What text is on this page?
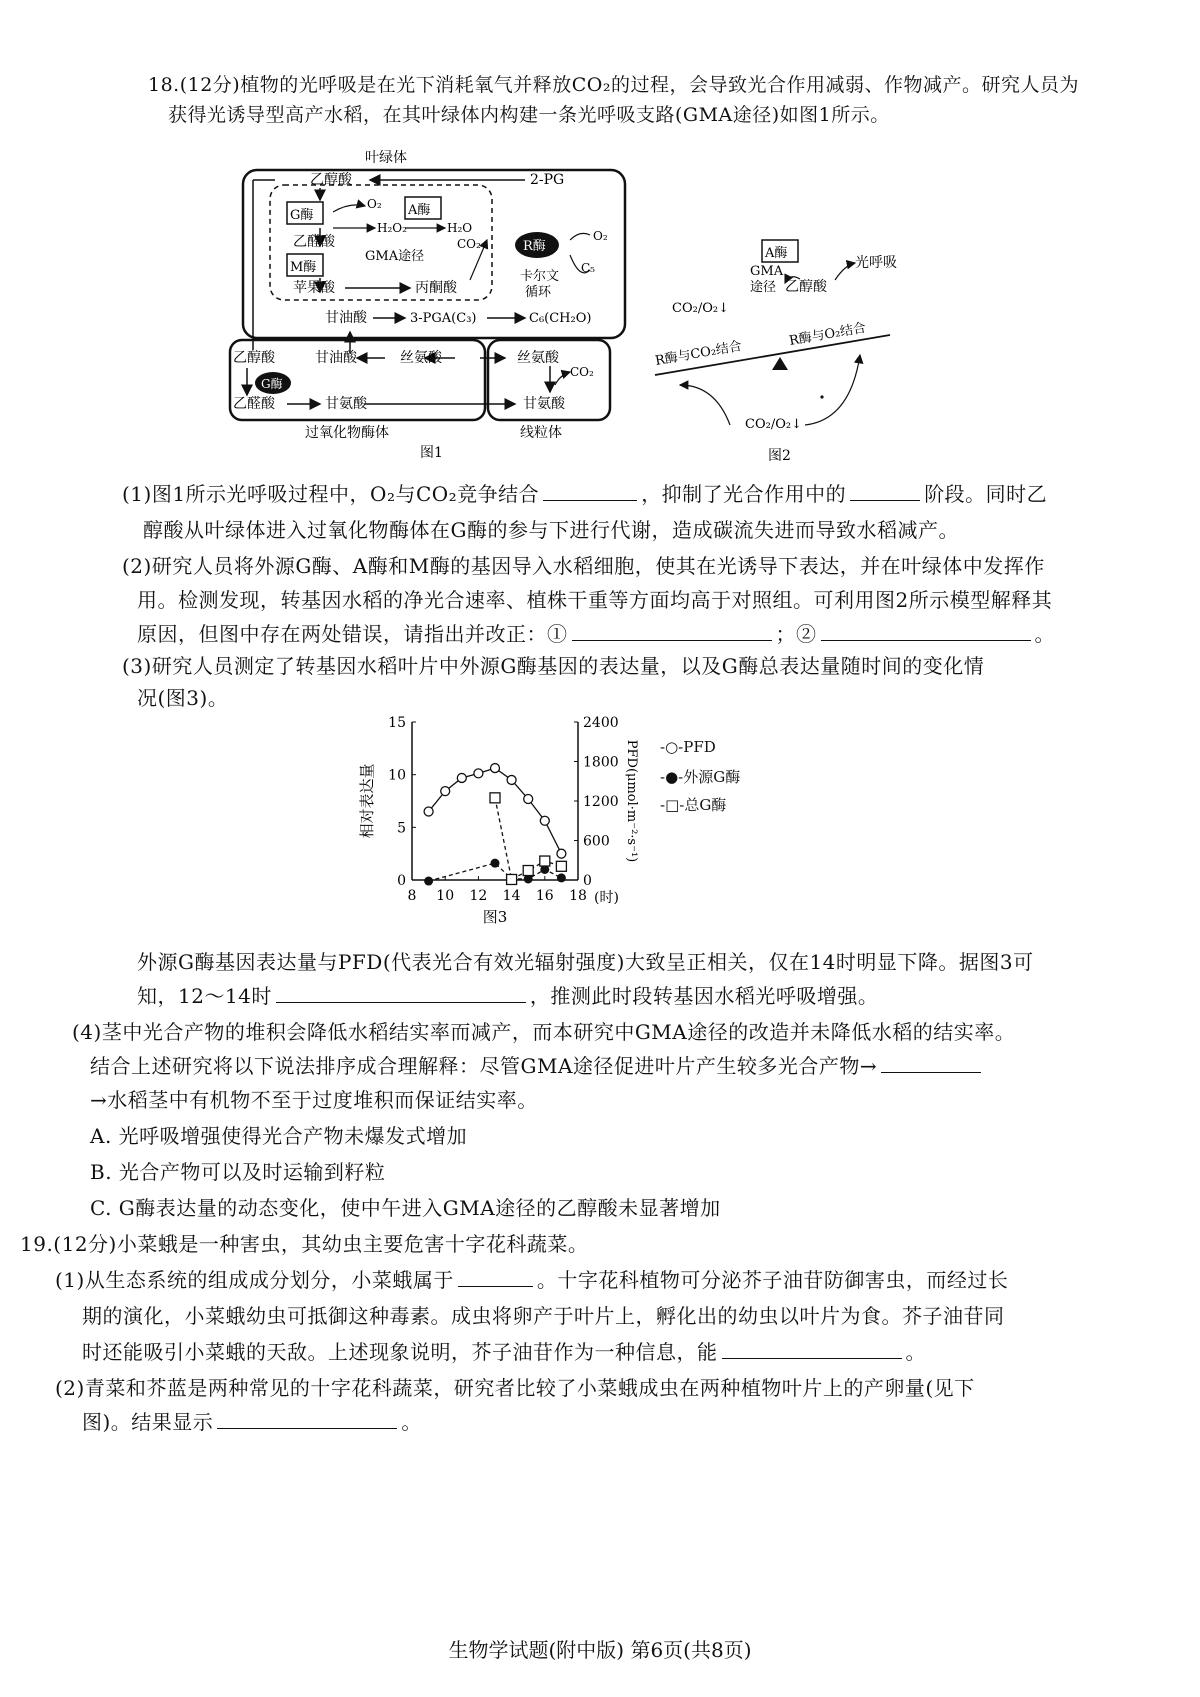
18.(12分)植物的光呼吸是在光下消耗氧气并释放CO₂的过程，会导致光合作用减弱、作物减产。研究人员为
获得光诱导型高产水稻，在其叶绿体内构建一条光呼吸支路(GMA途径)如图1所示。
叶绿体
乙醇酸	2-PG
G酶	A酶
M酶
O₂
H₂O₂	H₂O
CO₂
乙醛酸
GMA途径
苹果酸	丙酮酸
R酶
O₂
卡尔文
循环
C₅
甘油酸	3-PGA(C₃)	C₆(CH₂O)
乙醇酸	甘油酸	丝氨酸
G酶
乙醛酸	甘氨酸
丝氨酸
CO₂
甘氨酸
过氧化物酶体	线粒体
图1
A酶
光呼吸
GMA
途径 乙醇酸
CO₂/O₂↓
R酶与CO₂结合
R酶与O₂结合
CO₂/O₂↓
图2
(1)图1所示光呼吸过程中，O₂与CO₂竞争结合	，抑制了光合作用中的	阶段。同时乙
醇酸从叶绿体进入过氧化物酶体在G酶的参与下进行代谢，造成碳流失进而导致水稻减产。
(2)研究人员将外源G酶、A酶和M酶的基因导入水稻细胞，使其在光诱导下表达，并在叶绿体中发挥作
用。检测发现，转基因水稻的净光合速率、植株干重等方面均高于对照组。可利用图2所示模型解释其
原因，但图中存在两处错误，请指出并改正：①	；②	。
(3)研究人员测定了转基因水稻叶片中外源G酶基因的表达量，以及G酶总表达量随时间的变化情
况(图3)。
8 10 12 14 16 18
0
5
10
15
0
600
1200
1800
2400
(时)
相对表达量	PFD(μmol·m⁻²·s⁻¹)
图3
-○-PFD
-●-外源G酶
-□-总G酶
外源G酶基因表达量与PFD(代表光合有效光辐射强度)大致呈正相关，仅在14时明显下降。据图3可
知，12～14时	，推测此时段转基因水稻光呼吸增强。
(4)茎中光合产物的堆积会降低水稻结实率而减产，而本研究中GMA途径的改造并未降低水稻的结实率。
结合上述研究将以下说法排序成合理解释：尽管GMA途径促进叶片产生较多光合产物→
→水稻茎中有机物不至于过度堆积而保证结实率。
A. 光呼吸增强使得光合产物未爆发式增加
B. 光合产物可以及时运输到籽粒
C. G酶表达量的动态变化，使中午进入GMA途径的乙醇酸未显著增加
19.(12分)小菜蛾是一种害虫，其幼虫主要危害十字花科蔬菜。
(1)从生态系统的组成成分划分，小菜蛾属于	。十字花科植物可分泌芥子油苷防御害虫，而经过长
期的演化，小菜蛾幼虫可抵御这种毒素。成虫将卵产于叶片上，孵化出的幼虫以叶片为食。芥子油苷同
时还能吸引小菜蛾的天敌。上述现象说明，芥子油苷作为一种信息，能	。
(2)青菜和芥蓝是两种常见的十字花科蔬菜，研究者比较了小菜蛾成虫在两种植物叶片上的产卵量(见下
图)。结果显示	。
生物学试题(附中版) 第6页(共8页)
